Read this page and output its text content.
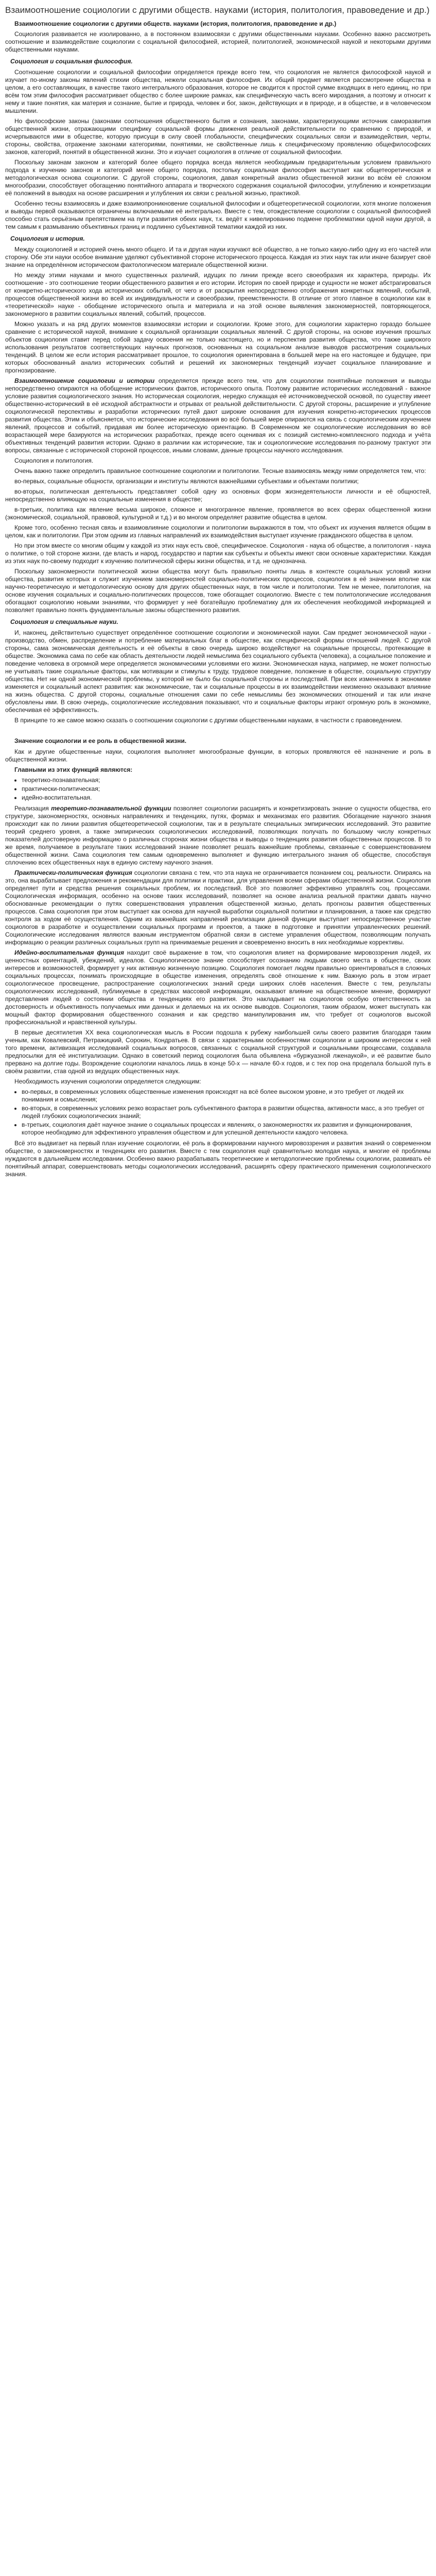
Взаимоотношение социологии с другими обществ. науками (история, политология, правоведение и др.)

Взаимоотношение социологии с другими обществ. науками (история, политология, правоведение и др.)

Социология развивается не изолированно, а в постоянном взаимосвязи с другими общественными науками. Особенно важно рассмотреть соотношение и взаимодействие социологии с социальной философией, историей, политологией, экономической наукой и некоторыми другими общественными науками.

Социология и социальная философия.

Соотношение социологии и социальной философии определяется прежде всего тем, что социология не является философской наукой и изучает по-иному законы явлений стихии общества, нежели социальная философия. Их общий предмет является рассмотрение общества в целом, а его составляющих, в качестве такого интегрального образования, которое не сводится к простой сумме входящих в него единиц, но при всём том этим философия рассматривает общество с более широкие рамках, как специфическую часть всего мироздания, а поэтому и относит к нему и такие понятия, как материя и сознание, бытие и природа, человек и бог, закон, действующих и в природе, и в обществе, и в человеческом мышлении.

Но философские законы (законами соотношения общественного бытия и сознания, законами, характеризующими источник саморазвития общественной жизни, отражающими специфику социальной формы движения реальной действительности по сравнению с природой, и исчерпываются ими в обществе, которую присущи в силу своей глобальности, специфических социальных связи и взаимодействия, черты, стороны, свойства, отражение законами категориями, понятиями, не свойственные лишь к специфическому проявлению общефилософских законов, категорий, понятий в общественной жизни. Это и изучает социология в отличие от социальной философии.

Поскольку законам законом и категорий более общего порядка всегда является необходимым предварительным условием правильного подхода к изучению законов и категорий менее общего порядка, постольку социальная философия выступает как общетеоретическая и методологическая основа социологии. С другой стороны, социология, давая конкретный анализ общественной жизни во всём её сложном многообразии, способствует обогащению понятийного аппарата и творческого содержания социальной философии, углублению и конкретизации её положений в выводах на основе расширения и углубления их связи с реальной жизнью, практикой.

Особенно тесны взаимосвязь и даже взаимопроникновение социальной философии и общетеоретической социологии, хотя многие положения и выводы первой оказываются ограничены включаемыми её интегрально. Вместе с тем, отождествление социологии с социальной философией способно стать серьёзным препятствием на пути развития обеих наук, т.к. ведёт к нивелированию подмене проблематики одной науки другой, а тем самым к размыванию объективных границ и подлинно субъективной тематики каждой из них.

Социология и история.

Между социологией и историей очень много общего. И та и другая науки изучают всё общество, а не только какую-либо одну из его частей или сторону. Обе эти науки особое внимание уделяют субъективной стороне исторического процесса. Каждая из этих наук так или иначе базирует своё знание на определённом историческом фактологическом материале общественной жизни.

Но между этими науками и много существенных различий, идущих по линии прежде всего своеобразия их характера, природы. Их соотношение - это соотношение теории общественного развития и его истории. История по своей природе и сущности не может абстрагироваться от конкретно-исторического хода исторических событий, от чего и от раскрытия непосредственно отображения конкретных явлений, событий, процессов общественной жизни во всей их индивидуальности и своеобразии, преемственности. В отличие от этого главное в социологии как в «теоретической» науке - обобщение исторического опыта и материала и на этой основе выявления закономерностей, повторяющегося, закономерного в развитии социальных явлений, событий, процессов.

Можно указать и на ряд других моментов взаимосвязи истории и социологии. Кроме этого, для социологии характерно гораздо большее сравнение с исторической наукой, внимание к социальной организации социальных явлений. С другой стороны, на основе изучения прошлых объектов социология ставит перед собой задачу освоения не только настоящего, но и перспектив развития общества, что также широкого использования результатов соответствующих научных прогнозов, основанных на социальном анализе выводов рассмотрения социальных тенденций. В целом же если история рассматривает прошлое, то социология ориентирована в большей мере на его настоящее и будущее, при которых обоснованный анализ исторических событий и решений их закономерных тенденций изучает социальное планирование и прогнозирование.

Взаимоотношение социологии и истории определяется прежде всего тем, что для социологии понятийные положения и выводы непосредственно опираются на обобщение исторических фактов, исторического опыта. Поэтому развитие исторических исследований - важное условие развития социологического знания. Но историческая социология, нередко служащая её источниковедческой основой, по существу имеет общественно-исторический в её исходной абстрактности и отрывах от реальной действительности. С другой стороны, расширение и углубление социологической перспективы и разработки исторических путей дают широкие основания для изучения конкретно-исторических процессов развития общества. Этим и объясняется, что исторические исследования во всё большей мере опираются на связь с социологическим изучением явлений, процессов и событий, придавая им более историческую ориентацию. В Современном же социологические исследования во всё возрастающей мере базируются на исторических разработках, прежде всего оценивая их с позиций системно-комплексного подхода и учёта объективных тенденций развития истории. Однако в различии как исторические, так и социологические исследования по-разному трактуют эти вопросы, связанные с исторической стороной процессов, иными словами, данные процессы научного исследования.

Социология и политология.

Очень важно также определить правильное соотношение социологии и политологии. Тесные взаимосвязь между ними определяется тем, что:

во-первых, социальные общности, организации и институты являются важнейшими субъектами и объектами политики;

во-вторых, политическая деятельность представляет собой одну из основных форм жизнедеятельности личности и её общностей, непосредственно влияющую на социальные изменения в обществе;

в-третьих, политика как явление весьма широкое, сложное и многогранное явление, проявляется во всех сферах общественной жизни (экономической, социальной, правовой, культурной и т.д.) и во многом определяет развитие общества в целом.

Кроме того, особенно тесная связь и взаимовлияние социологии и политологии выражаются в том, что объект их изучения является общим в целом, как и политологии. При этом одним из главных направлений их взаимодействия выступает изучение гражданского общества в целом.

Но при этом вместе со многим общим у каждой из этих наук есть своё, специфическое. Социология - наука об обществе, а политология - наука о политике, о той стороне жизни, где власть и народ, государство и партии как субъекты и объекты имеют свои основные характеристики. Каждая из этих наук по-своему подходит к изучению политической сферы жизни общества, и т.д. не однозначна.

Поскольку закономерности политической жизни общества могут быть правильно поняты лишь в контексте социальных условий жизни общества, развития которых и служит изучением закономерностей социально-политических процессов, социология в её значении вполне как научно-теоретическую и методологическую основу для других общественных наук, в том числе и политологии. Тем не менее, политология, на основе изучения социальных и социально-политических процессов, тоже обогащает социологию. Вместе с тем политологические исследования обогащают социологию новыми знаниями, что формирует у неё богатейшую проблематику для их обеспечения необходимой информацией и позволяет правильно понять фундаментальные законы общественного развития.

Социология и специальные науки.

И, наконец, действительно существует определённое соотношение социологии и экономической науки. Сам предмет экономической науки - производство, обмен, распределение и потребление материальных благ в обществе, как специфической формы отношений людей. С другой стороны, сама экономическая деятельность и её объекты в свою очередь широко воздействуют на социальные процессы, протекающие в обществе. Экономика сама по себе как область деятельности людей немыслима без социального субъекта (человека), а социальное положение и поведение человека в огромной мере определяется экономическими условиями его жизни. Экономическая наука, например, не может полностью не учитывать такие социальные факторы, как мотивации и стимулы к труду, трудовое поведение, положение в обществе, социальную структуру общества. Нет ни одной экономической проблемы, у которой не было бы социальной стороны и последствий. При всех изменениях в экономике изменяется и социальный аспект развития: как экономические, так и социальные процессы в их взаимодействии неизменно оказывают влияние на жизнь общества. С другой стороны, социальные отношения сами по себе немыслимы без экономических отношений и так или иначе обусловлены ими. В свою очередь, социологические исследования показывают, что и социальные факторы играют огромную роль в экономике, обеспечивая её эффективность.

В принципе то же самое можно сказать о соотношении социологии с другими общественными науками, в частности с правоведением.

Значение социологии и ее роль в общественной жизни.

Как и другие общественные науки, социология выполняет многообразные функции, в которых проявляются её назначение и роль в общественной жизни.

Главными из этих функций являются:

• теоретико-познавательная;
• практически-политическая;
• идейно-воспитательная.

Реализация теоретико-познавательной функции позволяет социологии расширять и конкретизировать знание о сущности общества, его структуре, закономерностях, основных направлениях и тенденциях, путях, формах и механизмах его развития. Обогащение научного знания происходит как по линии развития общетеоретической социологии, так и в результате специальных эмпирических исследований. Это развитие теорий среднего уровня, а также эмпирических социологических исследований, позволяющих получать по большому числу конкретных показателей достоверную информацию о различных сторонах жизни общества и выводы о тенденциях развития общественных процессов. В то же время, получаемое в результате таких исследований знание позволяет решать важнейшие проблемы, связанные с совершенствованием общественной жизни. Сама социология тем самым одновременно выполняет и функцию интегрального знания об обществе, способствуя сплочению всех общественных наук в единую систему научного знания.

Практически-политическая функция социологии связана с тем, что эта наука не ограничивается познанием соц. реальности. Опираясь на это, она вырабатывает предложения и рекомендации для политики и практики, для управления всеми сферами общественной жизни. Социология определяет пути и средства решения социальных проблем, их последствий. Всё это позволяет эффективно управлять соц. процессами. Социологическая информация, особенно на основе таких исследований, позволяет на основе анализа реальной практики давать научно обоснованные рекомендации о путях совершенствования управления общественной жизнью, делать прогнозы развития общественных процессов. Сама социология при этом выступает как основа для научной выработки социальной политики и планирования, а также как средство контроля за ходом её осуществления. Одним из важнейших направлений реализации данной функции выступает непосредственное участие социологов в разработке и осуществлении социальных программ и проектов, а также в подготовке и принятии управленческих решений. Социологические исследования являются важным инструментом обратной связи в системе управления обществом, позволяющим получать информацию о реакции различных социальных групп на принимаемые решения и своевременно вносить в них необходимые коррективы.

Идейно-воспитательная функция находит своё выражение в том, что социология влияет на формирование мировоззрения людей, их ценностных ориентаций, убеждений, идеалов. Социологическое знание способствует осознанию людьми своего места в обществе, своих интересов и возможностей, формирует у них активную жизненную позицию. Социология помогает людям правильно ориентироваться в сложных социальных процессах, понимать происходящие в обществе изменения, определять своё отношение к ним. Важную роль в этом играет социологическое просвещение, распространение социологических знаний среди широких слоёв населения. Вместе с тем, результаты социологических исследований, публикуемые в средствах массовой информации, оказывают влияние на общественное мнение, формируют представления людей о состоянии общества и тенденциях его развития. Это накладывает на социологов особую ответственность за достоверность и объективность получаемых ими данных и делаемых на их основе выводов. Социология, таким образом, может выступать как мощный фактор формирования общественного сознания и как средство манипулирования им, что требует от социологов высокой профессиональной и нравственной культуры.

В первые десятилетия XX века социологическая мысль в России подошла к рубежу наибольшей силы своего развития благодаря таким ученым, как Ковалевский, Петражицкий, Сорокин, Кондратьев. В связи с характерными особенностями социологии и широким интересом к ней того времени, активизация исследований социальных вопросов, связанных с социальной структурой и социальными процессами, создавала предпосылки для её институализации. Однако в советский период социология была объявлена «буржуазной лженаукой», и её развитие было прервано на долгие годы. Возрождение социологии началось лишь в конце 50-х — начале 60-х годов, и с тех пор она проделала большой путь в своём развитии, став одной из ведущих общественных наук.

Необходимость изучения социологии определяется следующим:

• во-первых, в современных условиях общественные изменения происходят на всё более высоком уровне, и это требует от людей их понимания и осмысления;
• во-вторых, в современных условиях резко возрастает роль субъективного фактора в развитии общества, активности масс, а это требует от людей глубоких социологических знаний;
• в-третьих, социология даёт научное знание о социальных процессах и явлениях, о закономерностях их развития и функционирования, которое необходимо для эффективного управления обществом и для успешной деятельности каждого человека.

Всё это выдвигает на первый план изучение социологии, её роль в формировании научного мировоззрения и развития знаний о современном обществе, о закономерностях и тенденциях его развития. Вместе с тем социология ещё сравнительно молодая наука, и многие её проблемы нуждаются в дальнейшем исследовании. Особенно важно разрабатывать теоретические и методологические проблемы социологии, развивать её понятийный аппарат, совершенствовать методы социологических исследований, расширять сферу практического применения социологического знания.
